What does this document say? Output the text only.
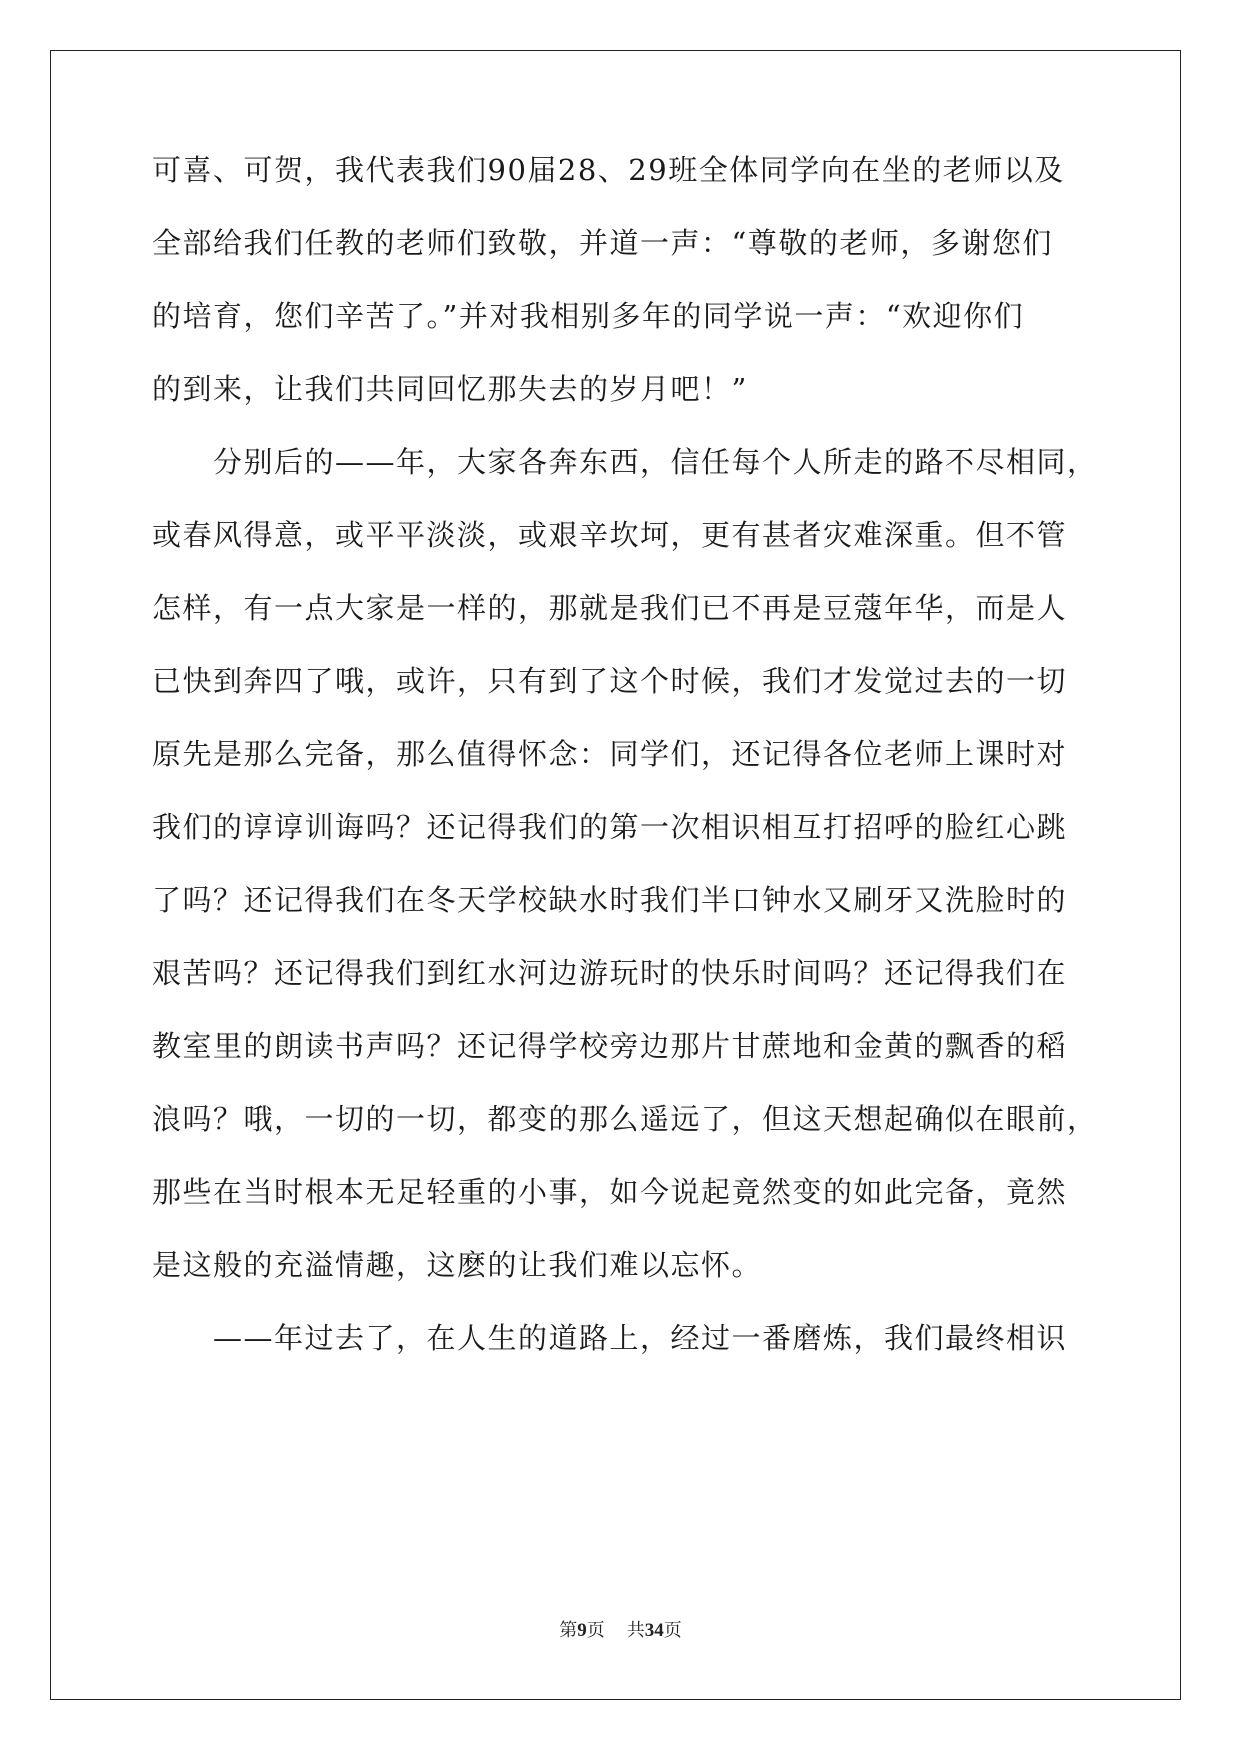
可喜、可贺，我代表我们90届28、29班全体同学向在坐的老师以及
全部给我们任教的老师们致敬，并道一声：“尊敬的老师，多谢您们
的培育，您们辛苦了。”并对我相别多年的同学说一声：“欢迎你们
的到来，让我们共同回忆那失去的岁月吧！”
分别后的——年，大家各奔东西，信任每个人所走的路不尽相同，
或春风得意，或平平淡淡，或艰辛坎坷，更有甚者灾难深重。但不管
怎样，有一点大家是一样的，那就是我们已不再是豆蔻年华，而是人
已快到奔四了哦，或许，只有到了这个时候，我们才发觉过去的一切
原先是那么完备，那么值得怀念：同学们，还记得各位老师上课时对
我们的谆谆训诲吗？还记得我们的第一次相识相互打招呼的脸红心跳
了吗？还记得我们在冬天学校缺水时我们半口钟水又刷牙又洗脸时的
艰苦吗？还记得我们到红水河边游玩时的快乐时间吗？还记得我们在
教室里的朗读书声吗？还记得学校旁边那片甘蔗地和金黄的飘香的稻
浪吗？哦，一切的一切，都变的那么遥远了，但这天想起确似在眼前，
那些在当时根本无足轻重的小事，如今说起竟然变的如此完备，竟然
是这般的充溢情趣，这麽的让我们难以忘怀。
——年过去了，在人生的道路上，经过一番磨炼，我们最终相识
第9页 共34页
